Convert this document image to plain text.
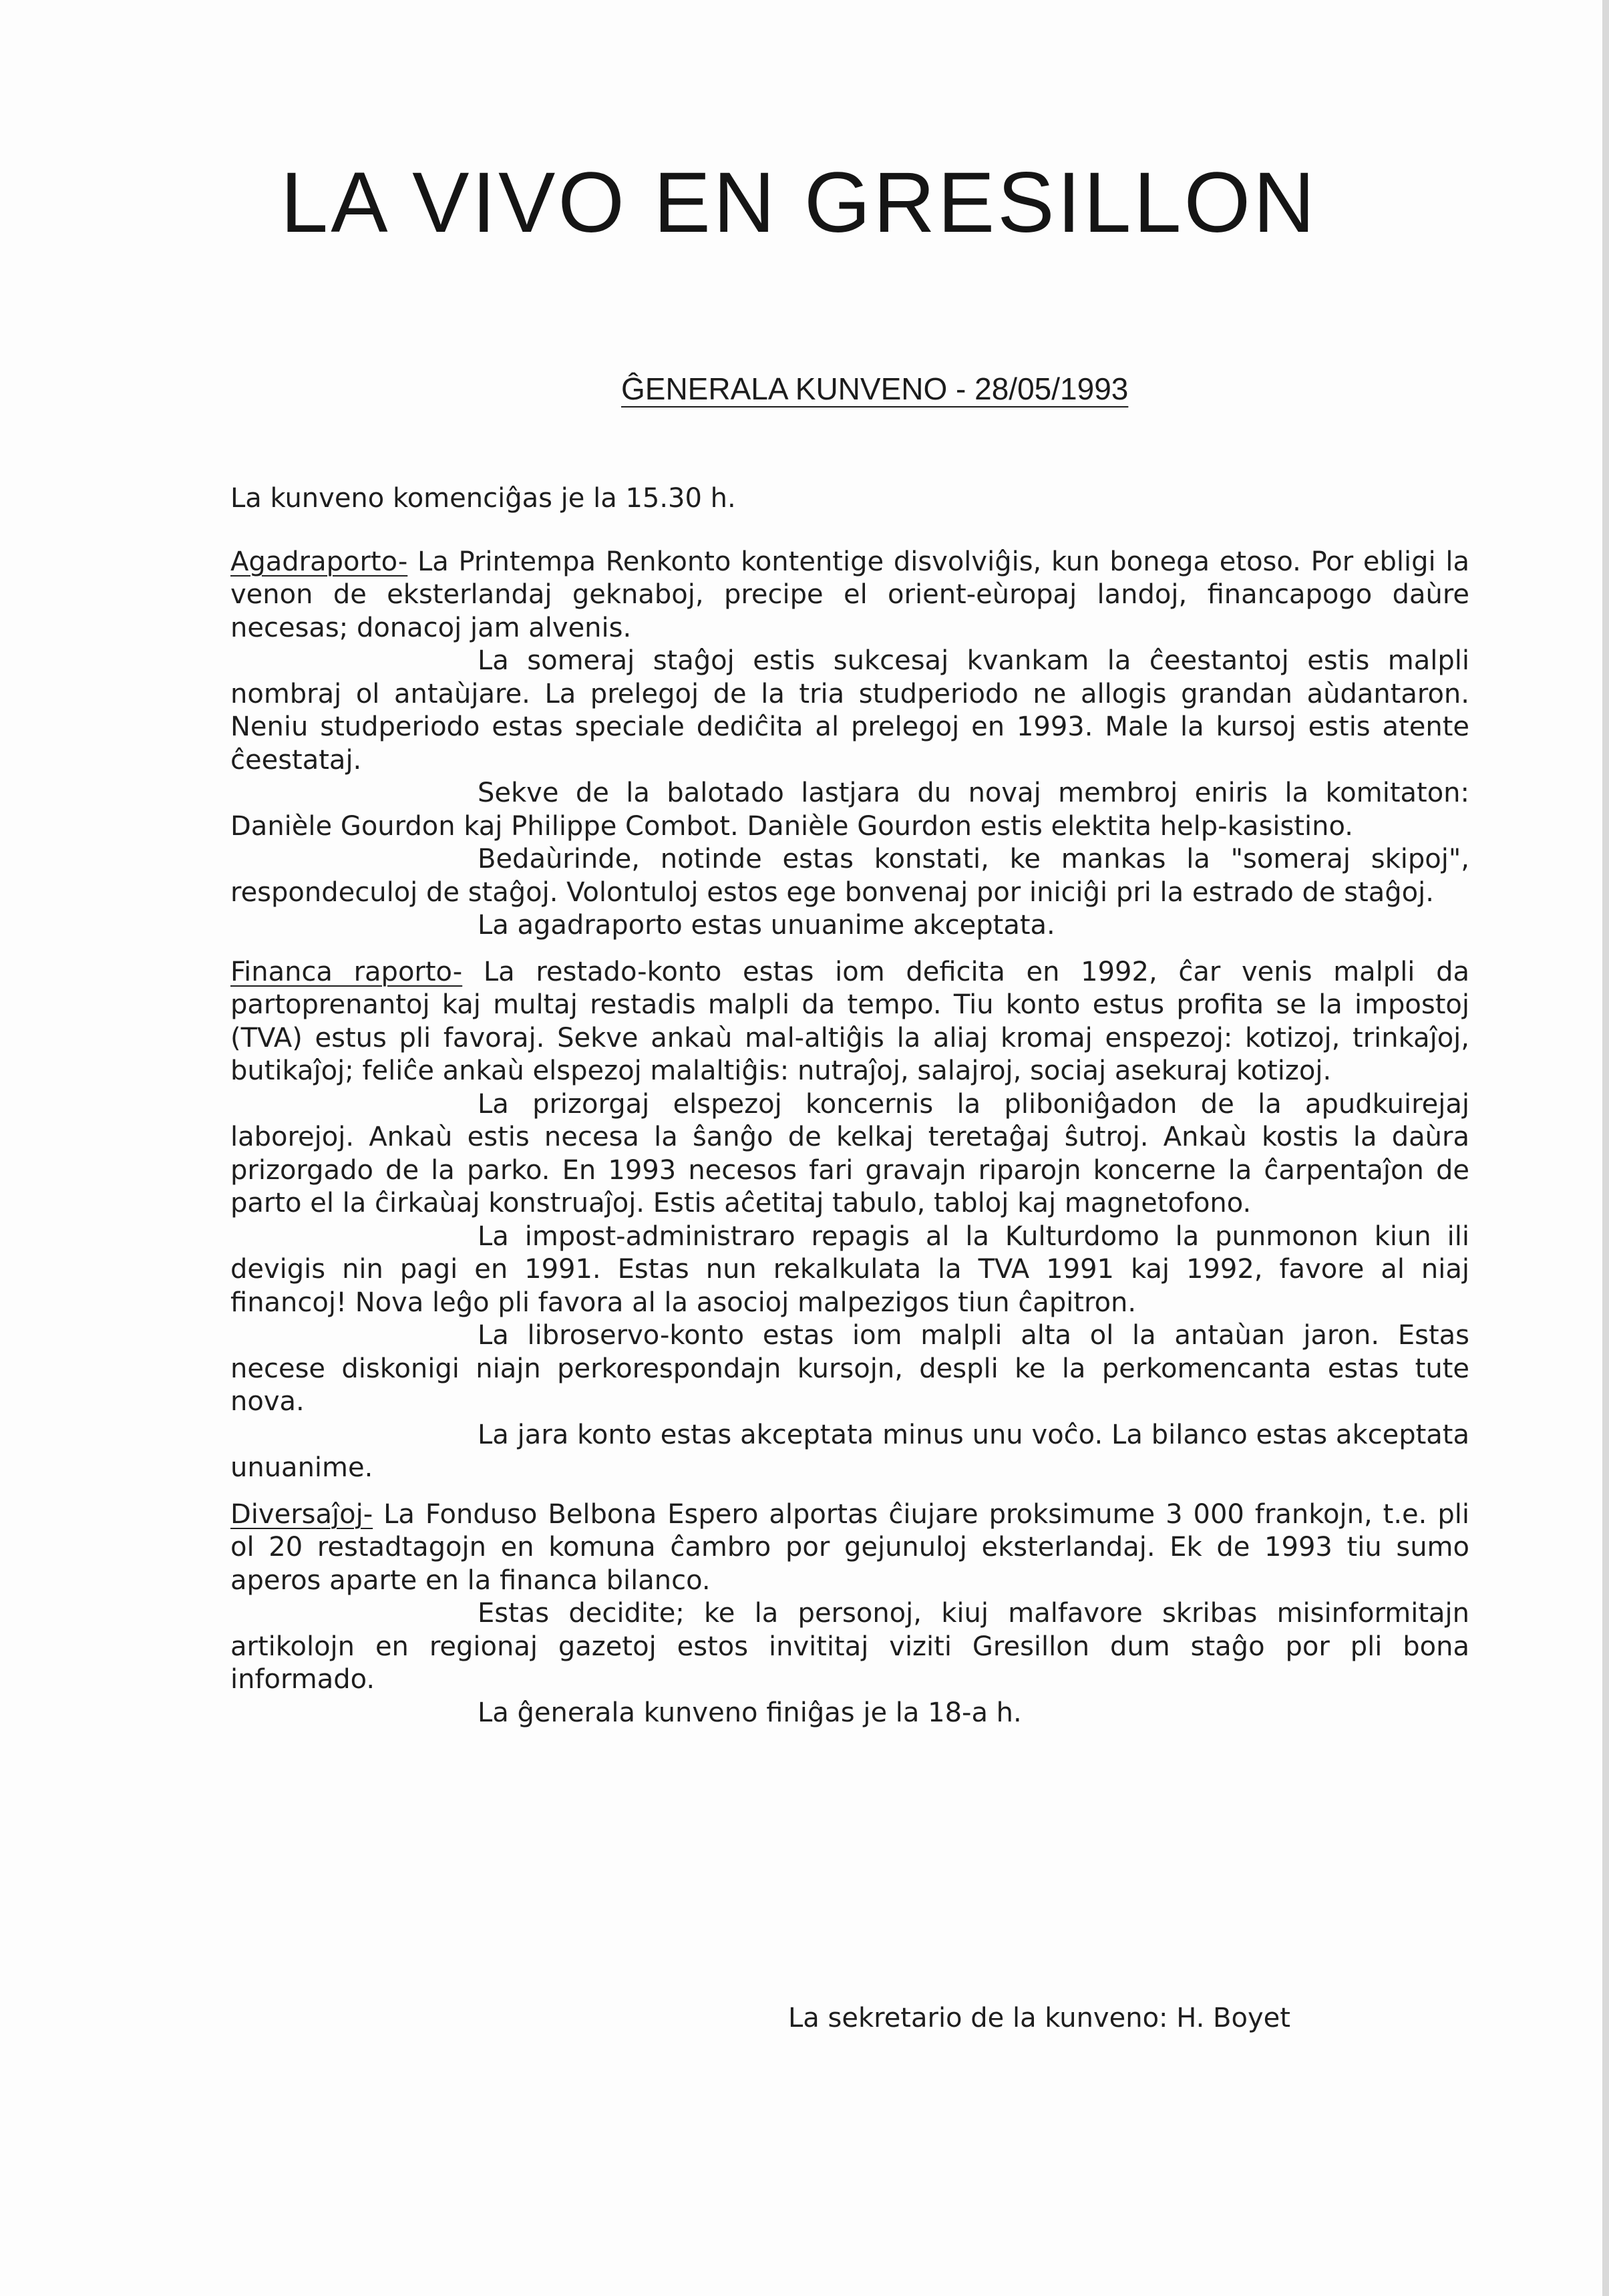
LA VIVO EN GRESILLON
ĜENERALA KUNVENO - 28/05/1993

La kunveno komenciĝas je la 15.30 h.

Agadraporto- La Printempa Renkonto kontentige disvolviĝis, kun bonega etoso. Por ebligi la venon de eksterlandaj geknaboj, precipe el orient-eùropaj landoj, financapogo daùre necesas; donacoj jam alvenis.

La someraj staĝoj estis sukcesaj kvankam la ĉeestantoj estis malpli nombraj ol antaùjare. La prelegoj de la tria studperiodo ne allogis grandan aùdantaron. Neniu studperiodo estas speciale dediĉita al prelegoj en 1993. Male la kursoj estis atente ĉeestataj.

Sekve de la balotado lastjara du novaj membroj eniris la komitaton: Danièle Gourdon kaj Philippe Combot. Danièle Gourdon estis elektita help-kasistino.

Bedaùrinde, notinde estas konstati, ke mankas la "someraj skipoj", respondeculoj de staĝoj. Volontuloj estos ege bonvenaj por iniciĝi pri la estrado de staĝoj.

La agadraporto estas unuanime akceptata.

Financa raporto- La restado-konto estas iom deficita en 1992, ĉar venis malpli da partoprenantoj kaj multaj restadis malpli da tempo. Tiu konto estus profita se la impostoj (TVA) estus pli favoraj. Sekve ankaù mal-altiĝis la aliaj kromaj enspezoj: kotizoj, trinkaĵoj, butikaĵoj; feliĉe ankaù elspezoj malaltiĝis: nutraĵoj, salajroj, sociaj asekuraj kotizoj.

La prizorgaj elspezoj koncernis la pliboniĝadon de la apudkuirejaj laborejoj. Ankaù estis necesa la ŝanĝo de kelkaj teretaĝaj ŝutroj. Ankaù kostis la daùra prizorgado de la parko. En 1993 necesos fari gravajn riparojn koncerne la ĉarpentaĵon de parto el la ĉirkaùaj konstruaĵoj. Estis aĉetitaj tabulo, tabloj kaj magnetofono.

La impost-administraro repagis al la Kulturdomo la punmonon kiun ili devigis nin pagi en 1991. Estas nun rekalkulata la TVA 1991 kaj 1992, favore al niaj financoj! Nova leĝo pli favora al la asocioj malpezigos tiun ĉapitron.

La libroservo-konto estas iom malpli alta ol la antaùan jaron. Estas necese diskonigi niajn perkorespondajn kursojn, despli ke la perkomencanta estas tute nova.

La jara konto estas akceptata minus unu voĉo. La bilanco estas akceptata unuanime.

Diversaĵoj- La Fonduso Belbona Espero alportas ĉiujare proksimume 3 000 frankojn, t.e. pli ol 20 restadtagojn en komuna ĉambro por gejunuloj eksterlandaj. Ek de 1993 tiu sumo aperos aparte en la financa bilanco.

Estas decidite; ke la personoj, kiuj malfavore skribas misinformitajn artikolojn en regionaj gazetoj estos invititaj viziti Gresillon dum staĝo por pli bona informado.

La ĝenerala kunveno finiĝas je la 18-a h.

La sekretario de la kunveno: H. Boyet
